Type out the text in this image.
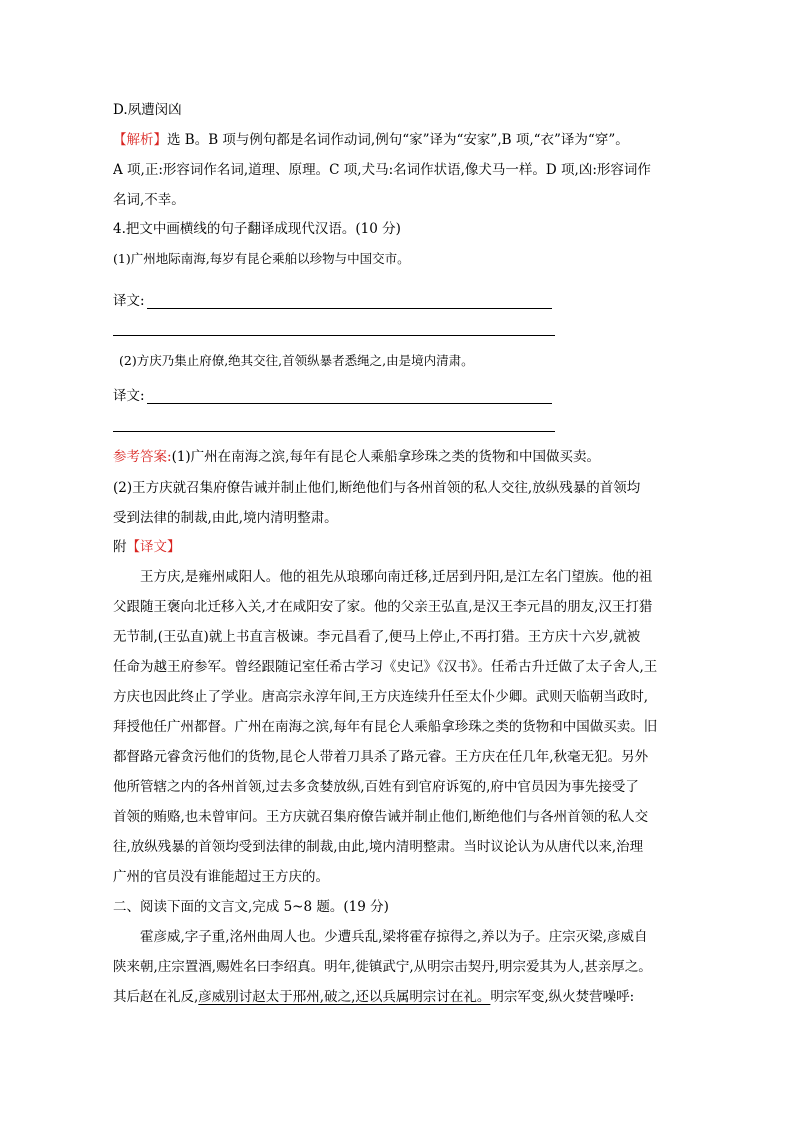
D.夙遭闵凶
【解析】选 B。B 项与例句都是名词作动词,例句“家”译为“安家”,B 项,“衣”译为“穿”。
A 项,正:形容词作名词,道理、原理。C 项,犬马:名词作状语,像犬马一样。D 项,凶:形容词作
名词,不幸。
4.把文中画横线的句子翻译成现代汉语。(10 分)
(1)广州地际南海,每岁有昆仑乘舶以珍物与中国交市。
译文:
(2)方庆乃集止府僚,绝其交往,首领纵暴者悉绳之,由是境内清肃。
译文:
参考答案:(1)广州在南海之滨,每年有昆仑人乘船拿珍珠之类的货物和中国做买卖。
(2)王方庆就召集府僚告诫并制止他们,断绝他们与各州首领的私人交往,放纵残暴的首领均
受到法律的制裁,由此,境内清明整肃。
附【译文】
王方庆,是雍州咸阳人。他的祖先从琅琊向南迁移,迁居到丹阳,是江左名门望族。他的祖
父跟随王褒向北迁移入关,才在咸阳安了家。他的父亲王弘直,是汉王李元昌的朋友,汉王打猎
无节制,(王弘直)就上书直言极谏。李元昌看了,便马上停止,不再打猎。王方庆十六岁,就被
任命为越王府参军。曾经跟随记室任希古学习《史记》《汉书》。任希古升迁做了太子舍人,王
方庆也因此终止了学业。唐高宗永淳年间,王方庆连续升任至太仆少卿。武则天临朝当政时,
拜授他任广州都督。广州在南海之滨,每年有昆仑人乘船拿珍珠之类的货物和中国做买卖。旧
都督路元睿贪污他们的货物,昆仑人带着刀具杀了路元睿。王方庆在任几年,秋毫无犯。另外
他所管辖之内的各州首领,过去多贪婪放纵,百姓有到官府诉冤的,府中官员因为事先接受了
首领的贿赂,也未曾审问。王方庆就召集府僚告诫并制止他们,断绝他们与各州首领的私人交
往,放纵残暴的首领均受到法律的制裁,由此,境内清明整肃。当时议论认为从唐代以来,治理
广州的官员没有谁能超过王方庆的。
二、阅读下面的文言文,完成 5~8 题。(19 分)
霍彦威,字子重,洺州曲周人也。少遭兵乱,梁将霍存掠得之,养以为子。庄宗灭梁,彦威自
陕来朝,庄宗置酒,赐姓名曰李绍真。明年,徙镇武宁,从明宗击契丹,明宗爱其为人,甚亲厚之。
其后赵在礼反,彦威别讨赵太于邢州,破之,还以兵属明宗讨在礼。明宗军变,纵火焚营噪呼:
